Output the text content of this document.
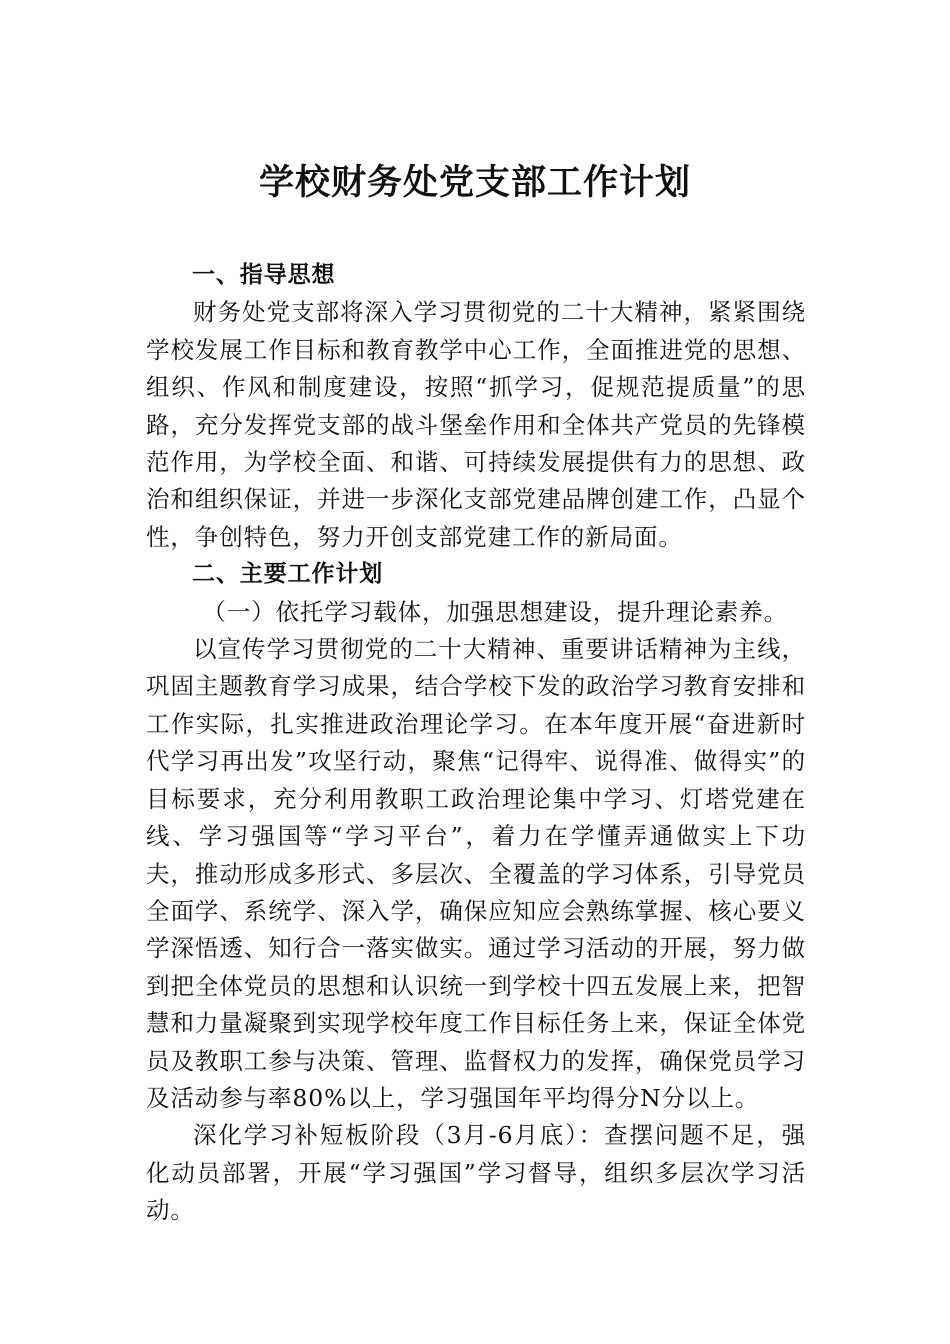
学校财务处党支部工作计划

一、指导思想

财务处党支部将深入学习贯彻党的二十大精神，紧紧围绕学校发展工作目标和教育教学中心工作，全面推进党的思想、组织、作风和制度建设，按照“抓学习，促规范提质量”的思路，充分发挥党支部的战斗堡垒作用和全体共产党员的先锋模范作用，为学校全面、和谐、可持续发展提供有力的思想、政治和组织保证，并进一步深化支部党建品牌创建工作，凸显个性，争创特色，努力开创支部党建工作的新局面。

二、主要工作计划

（一）依托学习载体，加强思想建设，提升理论素养。

以宣传学习贯彻党的二十大精神、重要讲话精神为主线，巩固主题教育学习成果，结合学校下发的政治学习教育安排和工作实际，扎实推进政治理论学习。在本年度开展“奋进新时代学习再出发”攻坚行动，聚焦“记得牢、说得准、做得实”的目标要求，充分利用教职工政治理论集中学习、灯塔党建在线、学习强国等“学习平台”，着力在学懂弄通做实上下功夫，推动形成多形式、多层次、全覆盖的学习体系，引导党员全面学、系统学、深入学，确保应知应会熟练掌握、核心要义学深悟透、知行合一落实做实。通过学习活动的开展，努力做到把全体党员的思想和认识统一到学校十四五发展上来，把智慧和力量凝聚到实现学校年度工作目标任务上来，保证全体党员及教职工参与决策、管理、监督权力的发挥，确保党员学习及活动参与率80%以上，学习强国年平均得分N分以上。

深化学习补短板阶段（3月-6月底）：查摆问题不足，强化动员部署，开展“学习强国”学习督导，组织多层次学习活动。
